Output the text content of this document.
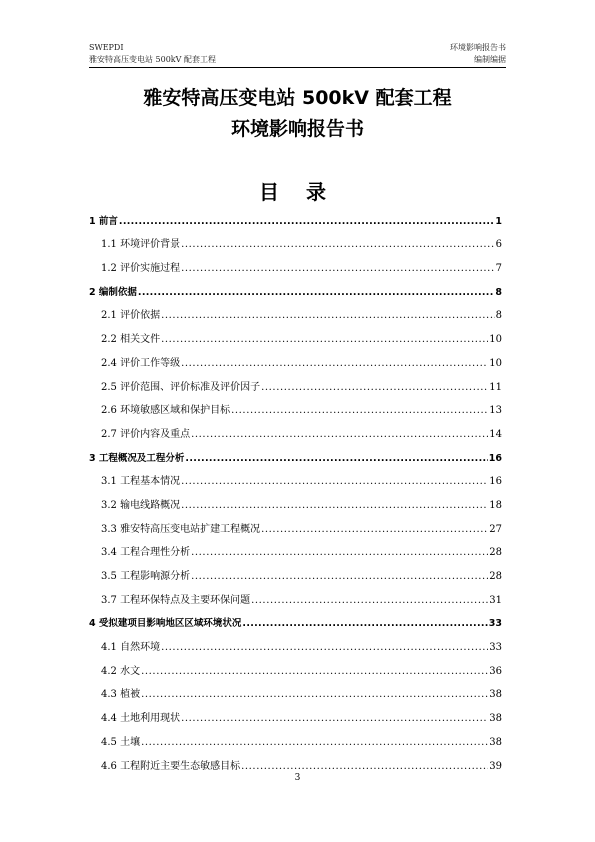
SWEPDI
雅安特高压变电站 500kV 配套工程
环境影响报告书
编制编据
雅安特高压变电站 500kV 配套工程
环境影响报告书
目 录
1 前言 .....	1
1.1 环境评价背景 .....	6
1.2 评价实施过程 .....	7
2 编制依据 .....	8
2.1 评价依据 .....	8
2.2 相关文件 .....	10
2.4 评价工作等级 .....	10
2.5 评价范围、评价标准及评价因子 .....	11
2.6 环境敏感区域和保护目标 .....	13
2.7 评价内容及重点 .....	14
3 工程概况及工程分析 .....	16
3.1 工程基本情况 .....	16
3.2 输电线路概况 .....	18
3.3 雅安特高压变电站扩建工程概况 .....	27
3.4 工程合理性分析 .....	28
3.5 工程影响源分析 .....	28
3.7 工程环保特点及主要环保问题 .....	31
4 受拟建项目影响地区区域环境状况 .....	33
4.1 自然环境 .....	33
4.2 水文 .....	36
4.3 植被 .....	38
4.4 土地利用现状 .....	38
4.5 土壤 .....	38
4.6 工程附近主要生态敏感目标 .....	39
3
